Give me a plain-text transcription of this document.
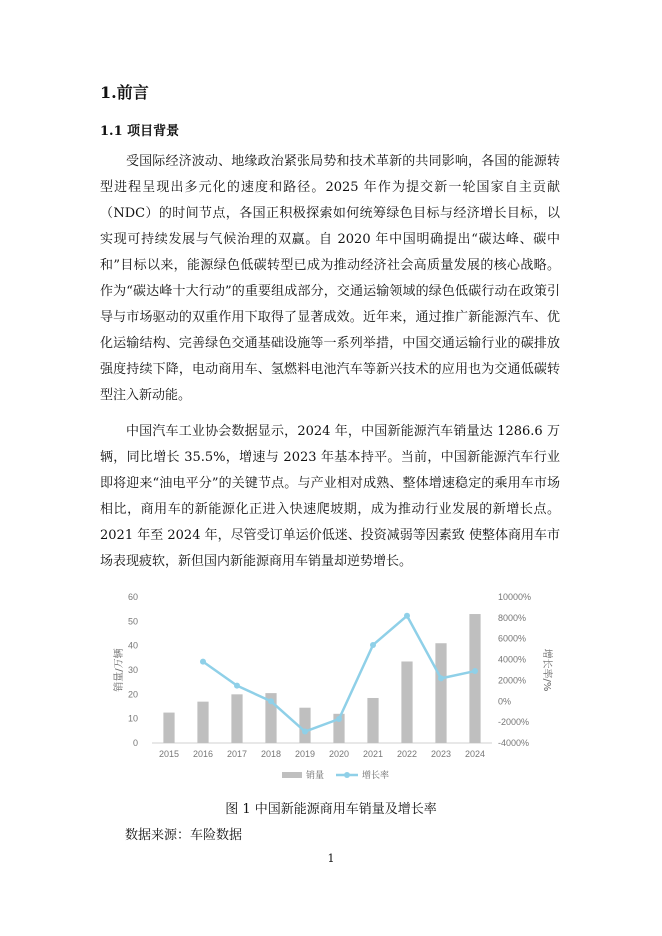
1.前言
1.1 项目背景

受国际经济波动、地缘政治紧张局势和技术革新的共同影响，各国的能源转型进程呈现出多元化的速度和路径。2025 年作为提交新一轮国家自主贡献（NDC）的时间节点，各国正积极探索如何统筹绿色目标与经济增长目标，以实现可持续发展与气候治理的双赢。自 2020 年中国明确提出“碳达峰、碳中和”目标以来，能源绿色低碳转型已成为推动经济社会高质量发展的核心战略。作为“碳达峰十大行动”的重要组成部分，交通运输领域的绿色低碳行动在政策引导与市场驱动的双重作用下取得了显著成效。近年来，通过推广新能源汽车、优化运输结构、完善绿色交通基础设施等一系列举措，中国交通运输行业的碳排放强度持续下降，电动商用车、氢燃料电池汽车等新兴技术的应用也为交通低碳转型注入新动能。

中国汽车工业协会数据显示，2024 年，中国新能源汽车销量达 1286.6 万辆，同比增长 35.5%，增速与 2023 年基本持平。当前，中国新能源汽车行业即将迎来“油电平分”的关键节点。与产业相对成熟、整体增速稳定的乘用车市场相比，商用车的新能源化正进入快速爬坡期，成为推动行业发展的新增长点。2021 年至 2024 年，尽管受订单运价低迷、投资减弱等因素致 使整体商用车市场表现疲软，新但国内新能源商用车销量却逆势增长。

0
10
20
30
40
50
60
-4000%
-2000%
0%
2000%
4000%
6000%
8000%
10000%
销量/万辆	增长率/%
2015 2016 2017 2018 2019 2020 2021 2022 2023 2024
销量	增长率
图 1 中国新能源商用车销量及增长率
数据来源：车险数据
1
